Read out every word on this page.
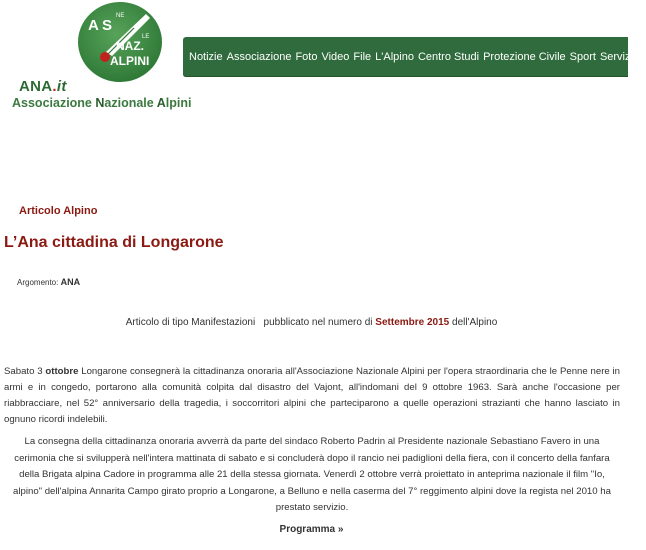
A S
NE
NAZ.
LE
ALPINI
ANA.it
Associazione Nazionale Alpini
Notizie Associazione Foto Video File L'Alpino Centro Studi Protezione Civile Sport Servizi A
Articolo Alpino
L’Ana cittadina di Longarone
Argomento: ANA
Articolo di tipo Manifestazioni   pubblicato nel numero di Settembre 2015 dell'Alpino

Sabato 3 ottobre Longarone consegnerà la cittadinanza onoraria all'Associazione Nazionale Alpini per l'opera straordinaria che le Penne nere in armi e in congedo, portarono alla comunità colpita dal disastro del Vajont, all'indomani del 9 ottobre 1963. Sarà anche l'occasione per riabbracciare, nel 52° anniversario della tragedia, i soccorritori alpini che parteciparono a quelle operazioni strazianti che hanno lasciato in ognuno ricordi indelebili.

La consegna della cittadinanza onoraria avverrà da parte del sindaco Roberto Padrin al Presidente nazionale Sebastiano Favero in una cerimonia che si svilupperà nell'intera mattinata di sabato e si concluderà dopo il rancio nei padiglioni della fiera, con il concerto della fanfara della Brigata alpina Cadore in programma alle 21 della stessa giornata. Venerdì 2 ottobre verrà proiettato in anteprima nazionale il film "Io, alpino" dell'alpina Annarita Campo girato proprio a Longarone, a Belluno e nella caserma del 7° reggimento alpini dove la regista nel 2010 ha prestato servizio.

Programma »
